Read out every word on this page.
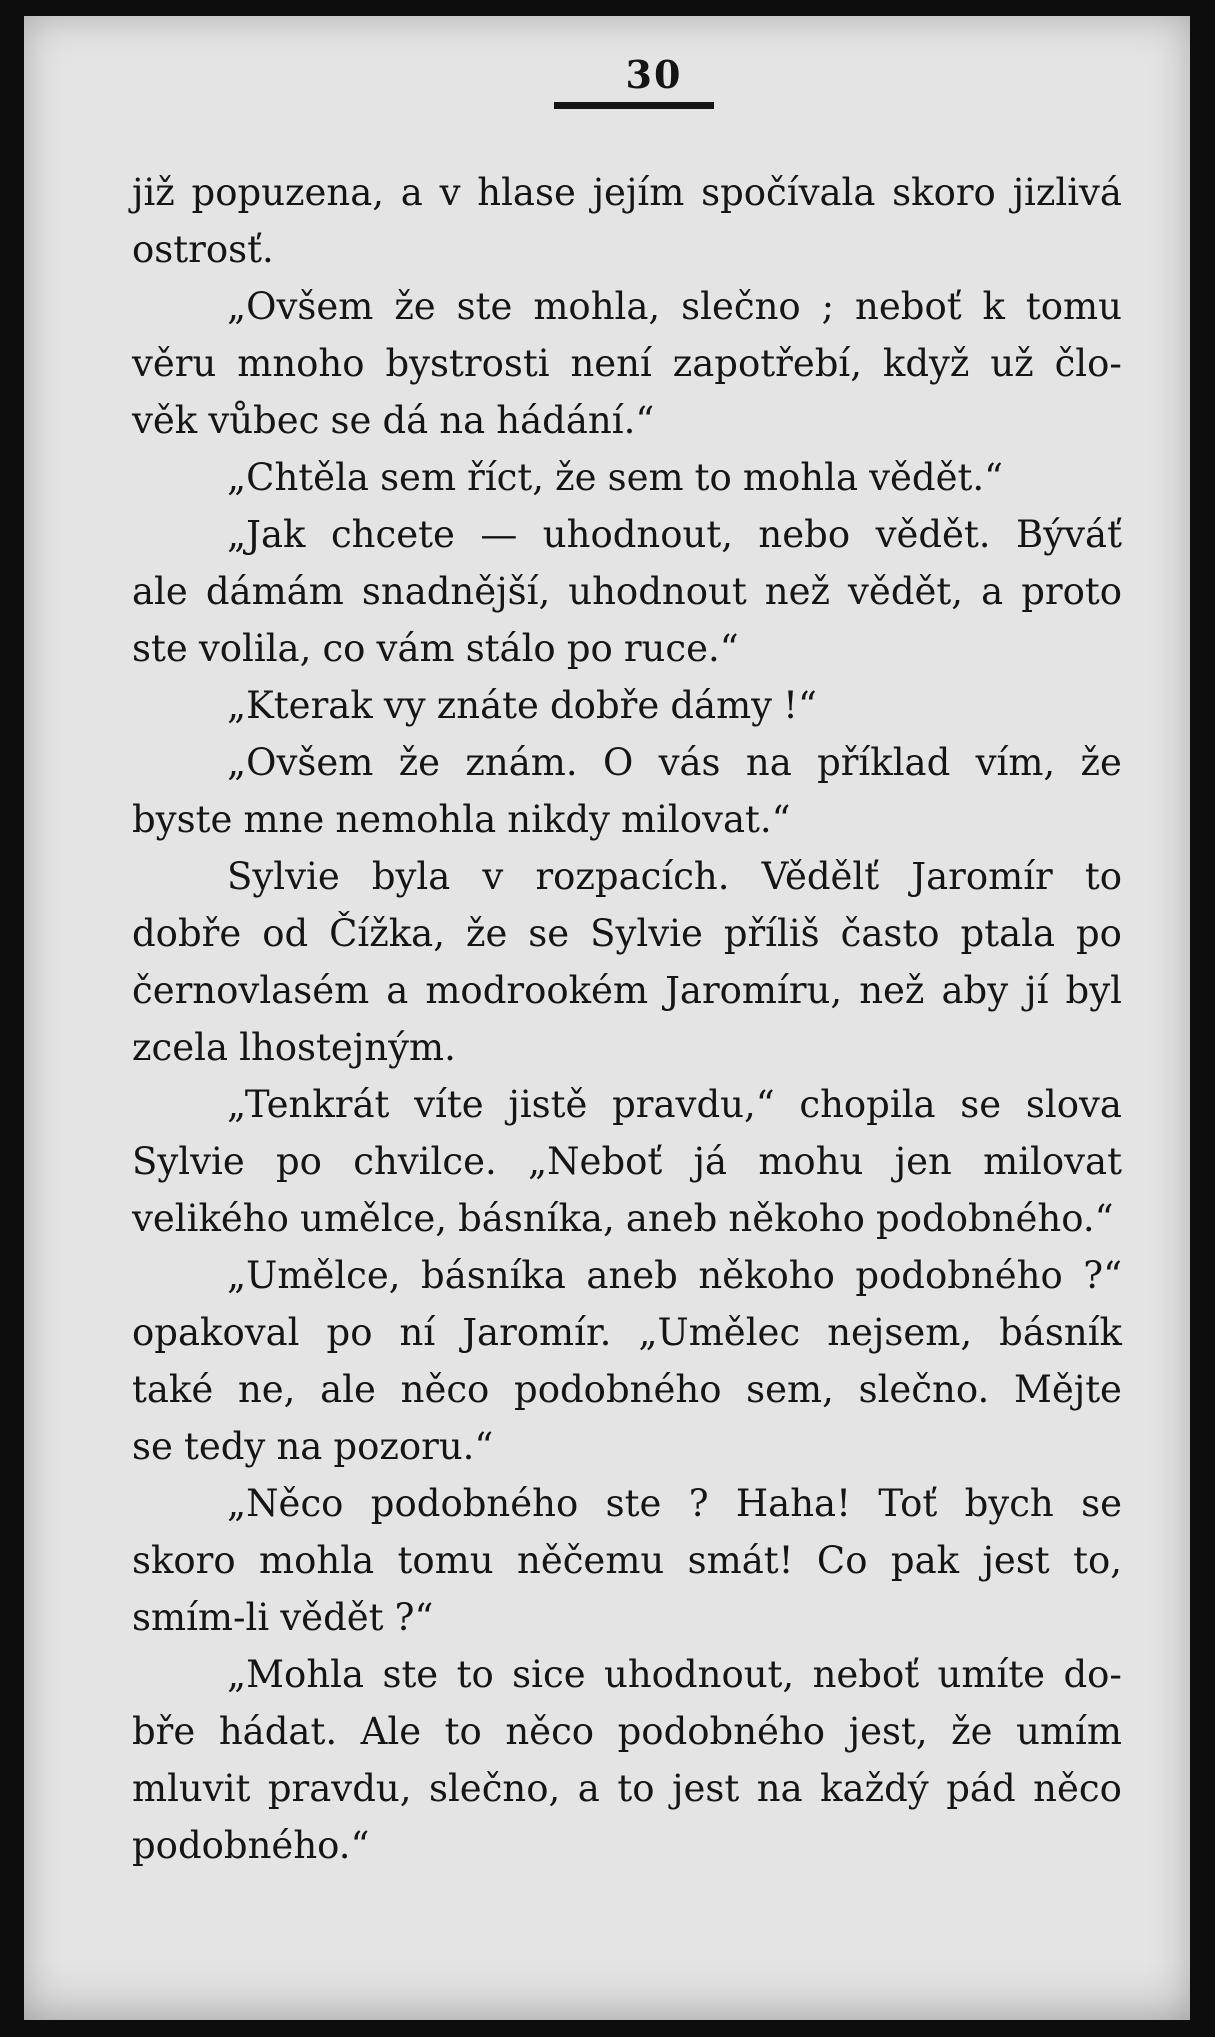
30
již popuzena, a v hlase jejím spočívala skoro jizlivá
ostrosť.
„Ovšem že ste mohla, slečno ; neboť k tomu
věru mnoho bystrosti není zapotřebí, když už člo-
věk vůbec se dá na hádání.“
„Chtěla sem říct, že sem to mohla vědět.“
„Jak chcete — uhodnout, nebo vědět. Býváť
ale dámám snadnější, uhodnout než vědět, a proto
ste volila, co vám stálo po ruce.“
„Kterak vy znáte dobře dámy !“
„Ovšem že znám. O vás na příklad vím, že
byste mne nemohla nikdy milovat.“
Sylvie byla v rozpacích. Vědělť Jaromír to
dobře od Čížka, že se Sylvie příliš často ptala po
černovlasém a modrookém Jaromíru, než aby jí byl
zcela lhostejným.
„Tenkrát víte jistě pravdu,“ chopila se slova
Sylvie po chvilce. „Neboť já mohu jen milovat
velikého umělce, básníka, aneb někoho podobného.“
„Umělce, básníka aneb někoho podobného ?“
opakoval po ní Jaromír. „Umělec nejsem, básník
také ne, ale něco podobného sem, slečno. Mějte
se tedy na pozoru.“
„Něco podobného ste ? Haha! Toť bych se
skoro mohla tomu něčemu smát! Co pak jest to,
smím-li vědět ?“
„Mohla ste to sice uhodnout, neboť umíte do-
bře hádat. Ale to něco podobného jest, že umím
mluvit pravdu, slečno, a to jest na každý pád něco
podobného.“
